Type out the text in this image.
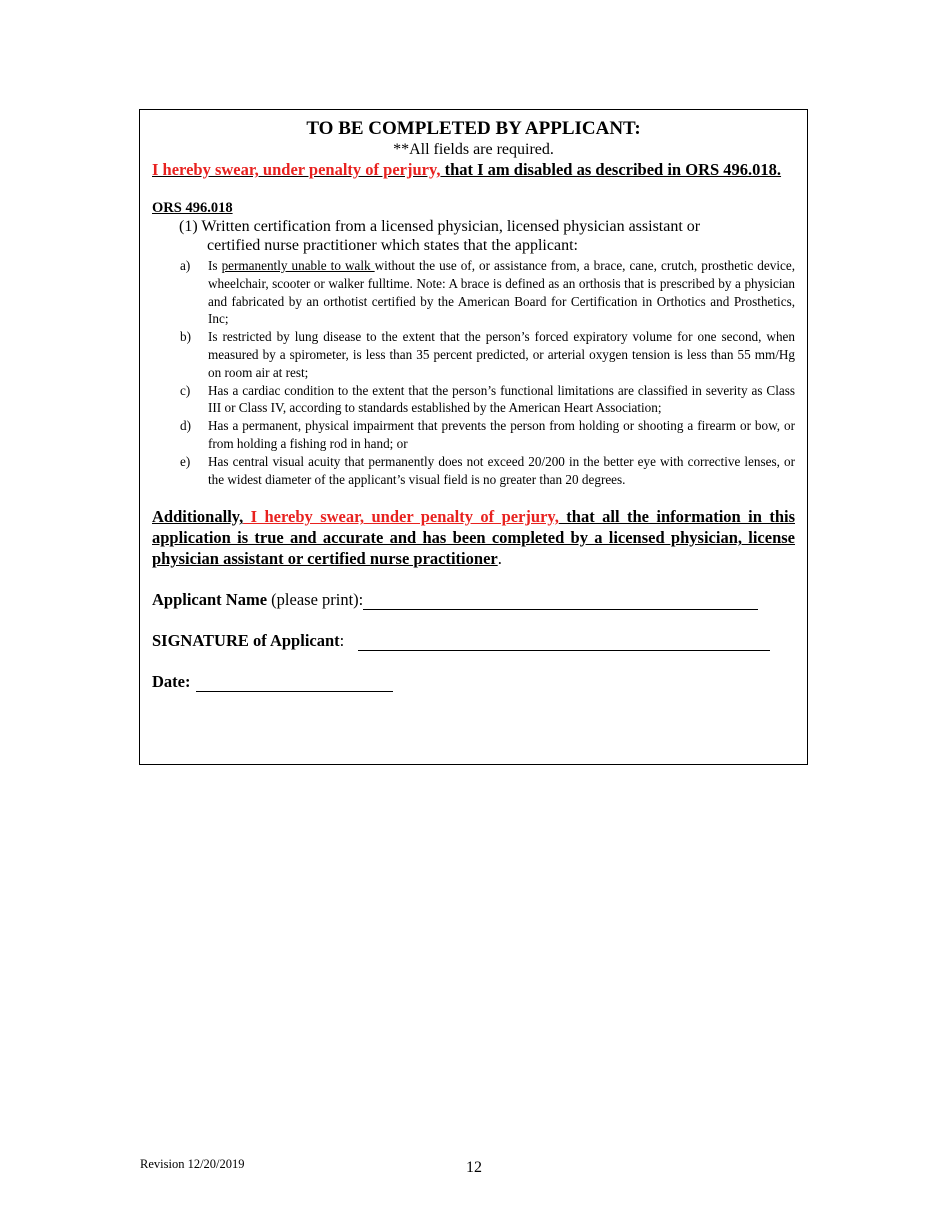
TO BE COMPLETED BY APPLICANT:

**All fields are required.

I hereby swear, under penalty of perjury, that I am disabled as described in ORS 496.018.

ORS 496.018

(1) Written certification from a licensed physician, licensed physician assistant or
certified nurse practitioner which states that the applicant:

a) Is permanently unable to walk without the use of, or assistance from, a brace, cane, crutch, prosthetic device, wheelchair, scooter or walker fulltime. Note: A brace is defined as an orthosis that is prescribed by a physician and fabricated by an orthotist certified by the American Board for Certification in Orthotics and Prosthetics, Inc;
b) Is restricted by lung disease to the extent that the person’s forced expiratory volume for one second, when measured by a spirometer, is less than 35 percent predicted, or arterial oxygen tension is less than 55 mm/Hg on room air at rest;
c) Has a cardiac condition to the extent that the person’s functional limitations are classified in severity as Class III or Class IV, according to standards established by the American Heart Association;
d) Has a permanent, physical impairment that prevents the person from holding or shooting a firearm or bow, or from holding a fishing rod in hand; or
e) Has central visual acuity that permanently does not exceed 20/200 in the better eye with corrective lenses, or the widest diameter of the applicant’s visual field is no greater than 20 degrees.

Additionally, I hereby swear, under penalty of perjury, that all the information in this application is true and accurate and has been completed by a licensed physician, license physician assistant or certified nurse practitioner.

Applicant Name (please print):
SIGNATURE of Applicant:
Date:
Revision 12/20/2019	12
